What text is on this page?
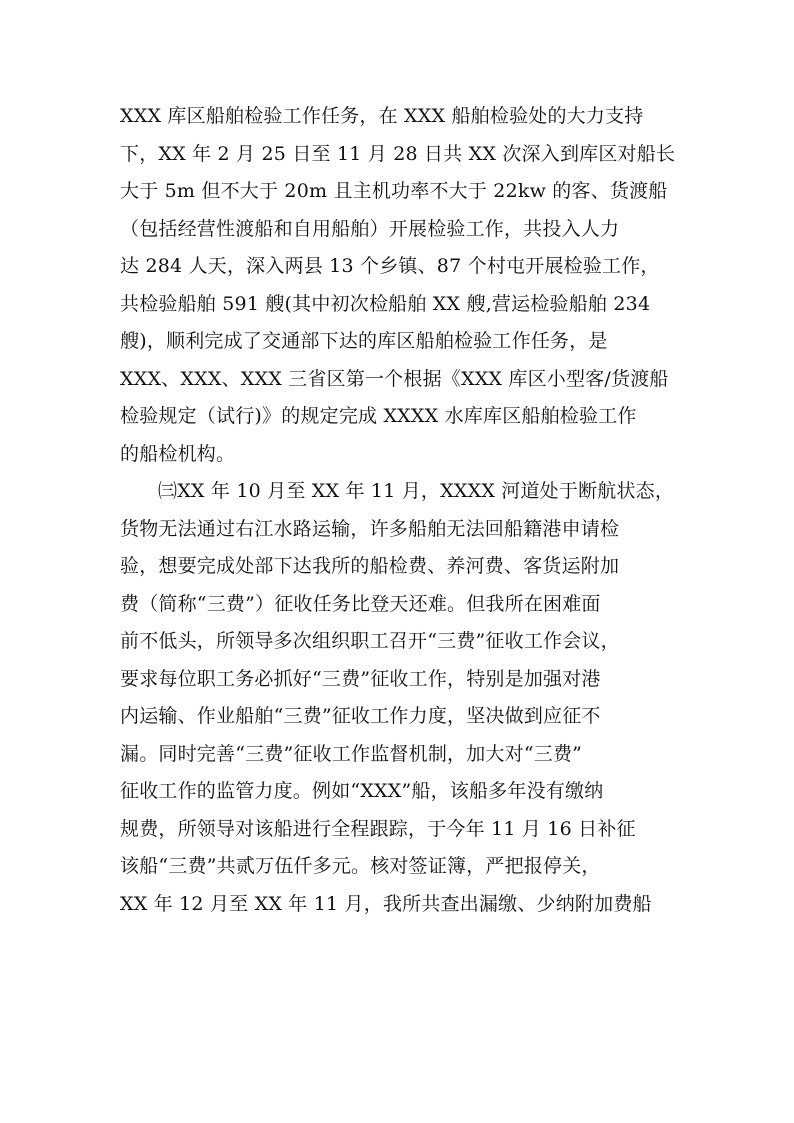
XXX 库区船舶检验工作任务，在 XXX 船舶检验处的大力支持
下，XX 年 2 月 25 日至 11 月 28 日共 XX 次深入到库区对船长
大于 5m 但不大于 20m 且主机功率不大于 22kw 的客、货渡船
（包括经营性渡船和自用船舶）开展检验工作，共投入人力
达 284 人天，深入两县 13 个乡镇、87 个村屯开展检验工作，
共检验船舶 591 艘(其中初次检船舶 XX 艘,营运检验船舶 234
艘)，顺利完成了交通部下达的库区船舶检验工作任务，是
XXX、XXX、XXX 三省区第一个根据《XXX 库区小型客/货渡船
检验规定（试行)》的规定完成 XXXX 水库库区船舶检验工作
的船检机构。
㈢XX 年 10 月至 XX 年 11 月，XXXX 河道处于断航状态，
货物无法通过右江水路运输，许多船舶无法回船籍港申请检
验，想要完成处部下达我所的船检费、养河费、客货运附加
费（简称“三费”）征收任务比登天还难。但我所在困难面
前不低头，所领导多次组织职工召开“三费”征收工作会议，
要求每位职工务必抓好“三费”征收工作，特别是加强对港
内运输、作业船舶“三费”征收工作力度，坚决做到应征不
漏。同时完善“三费”征收工作监督机制，加大对“三费”
征收工作的监管力度。例如“XXX”船，该船多年没有缴纳
规费，所领导对该船进行全程跟踪，于今年 11 月 16 日补征
该船“三费”共贰万伍仟多元。核对签证簿，严把报停关，
XX 年 12 月至 XX 年 11 月，我所共查出漏缴、少纳附加费船
